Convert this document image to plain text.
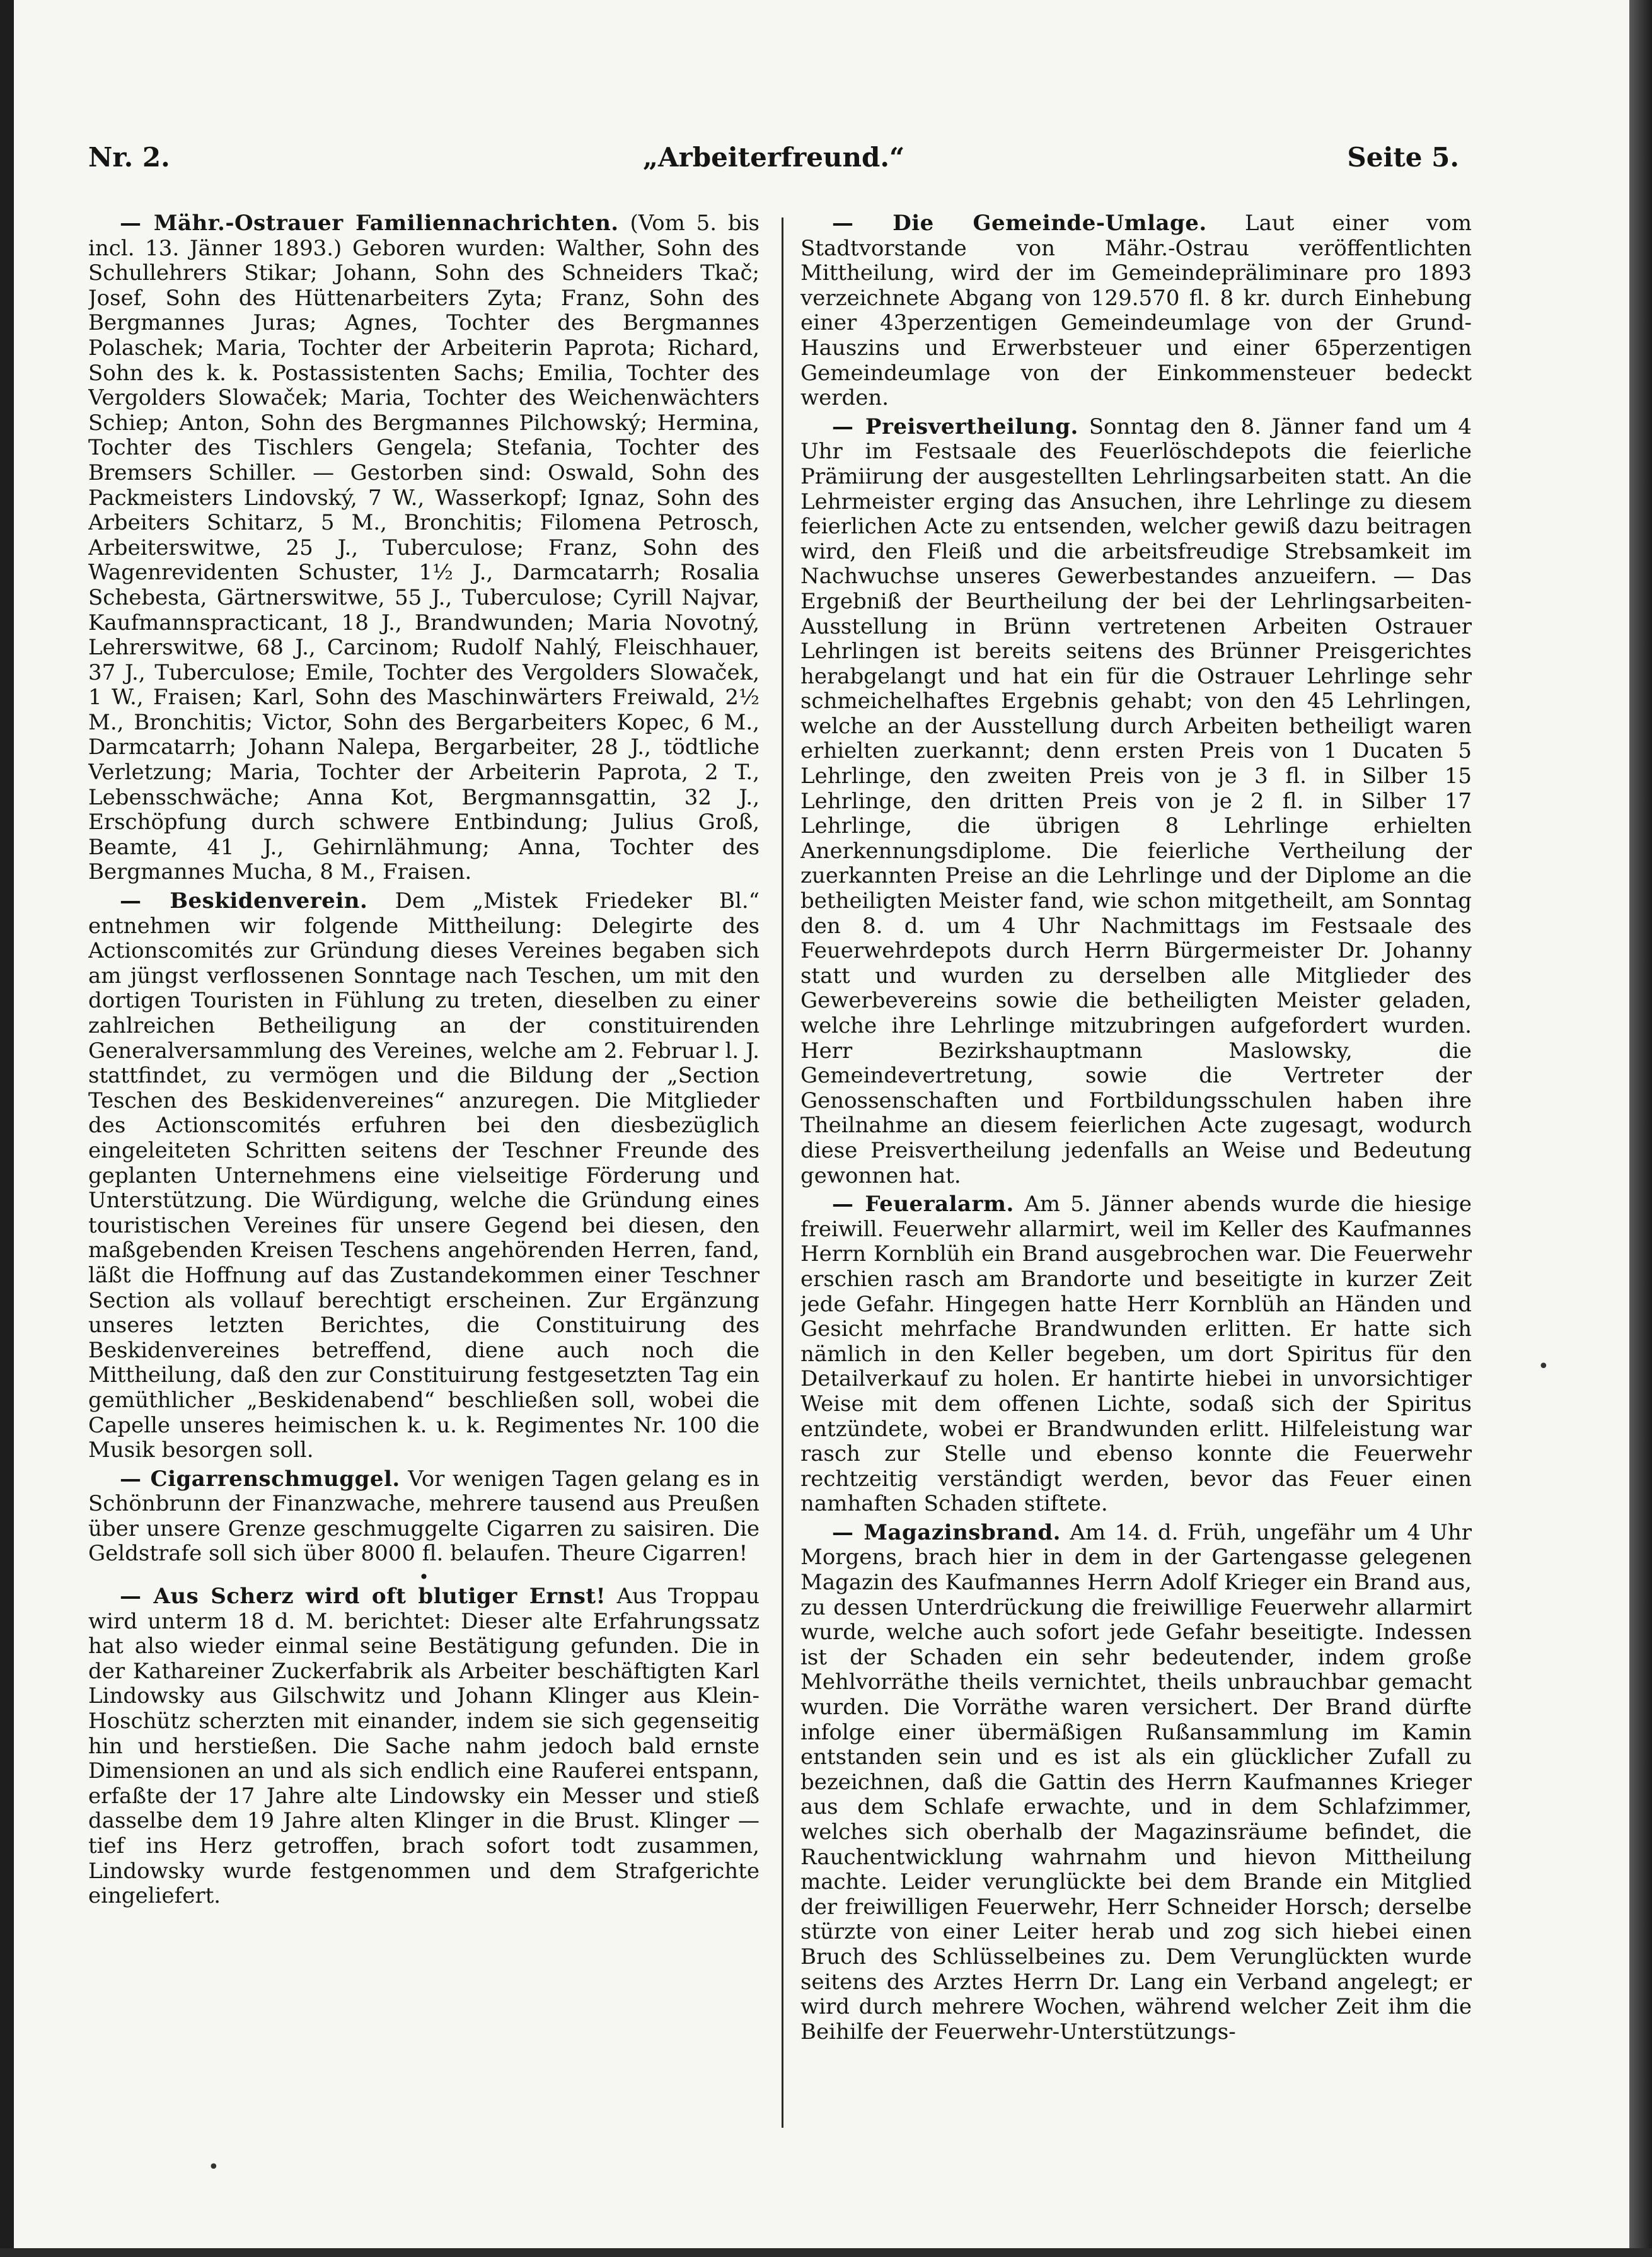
Nr. 2.	„Arbeiterfreund.“	Seite 5.

— Mähr.-Ostrauer Familiennachrichten. (Vom 5. bis incl. 13. Jänner 1893.) Geboren wurden: Walther, Sohn des Schullehrers Stikar; Johann, Sohn des Schneiders Tkač; Josef, Sohn des Hüttenarbeiters Zyta; Franz, Sohn des Bergmannes Juras; Agnes, Tochter des Bergmannes Polaschek; Maria, Tochter der Arbeiterin Paprota; Richard, Sohn des k. k. Postassistenten Sachs; Emilia, Tochter des Vergolders Slowaček; Maria, Tochter des Weichenwächters Schiep; Anton, Sohn des Bergmannes Pilchowský; Hermina, Tochter des Tischlers Gengela; Stefania, Tochter des Bremsers Schiller. — Gestorben sind: Oswald, Sohn des Packmeisters Lindovský, 7 W., Wasserkopf; Ignaz, Sohn des Arbeiters Schitarz, 5 M., Bronchitis; Filomena Petrosch, Arbeiterswitwe, 25 J., Tuberculose; Franz, Sohn des Wagenrevidenten Schuster, 1½ J., Darmcatarrh; Rosalia Schebesta, Gärtnerswitwe, 55 J., Tuberculose; Cyrill Najvar, Kaufmannspracticant, 18 J., Brandwunden; Maria Novotný, Lehrerswitwe, 68 J., Carcinom; Rudolf Nahlý, Fleischhauer, 37 J., Tuberculose; Emile, Tochter des Vergolders Slowaček, 1 W., Fraisen; Karl, Sohn des Maschinwärters Freiwald, 2½ M., Bronchitis; Victor, Sohn des Bergarbeiters Kopec, 6 M., Darmcatarrh; Johann Nalepa, Bergarbeiter, 28 J., tödtliche Verletzung; Maria, Tochter der Arbeiterin Paprota, 2 T., Lebensschwäche; Anna Kot, Bergmannsgattin, 32 J., Erschöpfung durch schwere Entbindung; Julius Groß, Beamte, 41 J., Gehirnlähmung; Anna, Tochter des Bergmannes Mucha, 8 M., Fraisen.

— Beskidenverein. Dem „Mistek Friedeker Bl.“ entnehmen wir folgende Mittheilung: Delegirte des Actionscomités zur Gründung dieses Vereines begaben sich am jüngst verflossenen Sonntage nach Teschen, um mit den dortigen Touristen in Fühlung zu treten, dieselben zu einer zahlreichen Betheiligung an der constituirenden Generalversammlung des Vereines, welche am 2. Februar l. J. stattfindet, zu vermögen und die Bildung der „Section Teschen des Beskidenvereines“ anzuregen. Die Mitglieder des Actionscomités erfuhren bei den diesbezüglich eingeleiteten Schritten seitens der Teschner Freunde des geplanten Unternehmens eine vielseitige Förderung und Unterstützung. Die Würdigung, welche die Gründung eines touristischen Vereines für unsere Gegend bei diesen, den maßgebenden Kreisen Teschens angehörenden Herren, fand, läßt die Hoffnung auf das Zustandekommen einer Teschner Section als vollauf berechtigt erscheinen. Zur Ergänzung unseres letzten Berichtes, die Constituirung des Beskidenvereines betreffend, diene auch noch die Mittheilung, daß den zur Constituirung festgesetzten Tag ein gemüthlicher „Beskidenabend“ beschließen soll, wobei die Capelle unseres heimischen k. u. k. Regimentes Nr. 100 die Musik besorgen soll.

— Cigarrenschmuggel. Vor wenigen Tagen gelang es in Schönbrunn der Finanzwache, mehrere tausend aus Preußen über unsere Grenze geschmuggelte Cigarren zu saisiren. Die Geldstrafe soll sich über 8000 fl. belaufen. Theure Cigarren!

•

— Aus Scherz wird oft blutiger Ernst! Aus Troppau wird unterm 18 d. M. berichtet: Dieser alte Erfahrungssatz hat also wieder einmal seine Bestätigung gefunden. Die in der Kathareiner Zuckerfabrik als Arbeiter beschäftigten Karl Lindowsky aus Gilschwitz und Johann Klinger aus Klein-Hoschütz scherzten mit einander, indem sie sich gegenseitig hin und herstießen. Die Sache nahm jedoch bald ernste Dimensionen an und als sich endlich eine Rauferei entspann, erfaßte der 17 Jahre alte Lindowsky ein Messer und stieß dasselbe dem 19 Jahre alten Klinger in die Brust. Klinger — tief ins Herz getroffen, brach sofort todt zusammen, Lindowsky wurde festgenommen und dem Strafgerichte eingeliefert.

— Die Gemeinde-Umlage. Laut einer vom Stadtvorstande von Mähr.-Ostrau veröffentlichten Mittheilung, wird der im Gemeindepräliminare pro 1893 verzeichnete Abgang von 129.570 fl. 8 kr. durch Einhebung einer 43perzentigen Gemeindeumlage von der Grund-Hauszins und Erwerbsteuer und einer 65perzentigen Gemeindeumlage von der Einkommensteuer bedeckt werden.

— Preisvertheilung. Sonntag den 8. Jänner fand um 4 Uhr im Festsaale des Feuerlöschdepots die feierliche Prämiirung der ausgestellten Lehrlingsarbeiten statt. An die Lehrmeister erging das Ansuchen, ihre Lehrlinge zu diesem feierlichen Acte zu entsenden, welcher gewiß dazu beitragen wird, den Fleiß und die arbeitsfreudige Strebsamkeit im Nachwuchse unseres Gewerbestandes anzueifern. — Das Ergebniß der Beurtheilung der bei der Lehrlingsarbeiten-Ausstellung in Brünn vertretenen Arbeiten Ostrauer Lehrlingen ist bereits seitens des Brünner Preisgerichtes herabgelangt und hat ein für die Ostrauer Lehrlinge sehr schmeichelhaftes Ergebnis gehabt; von den 45 Lehrlingen, welche an der Ausstellung durch Arbeiten betheiligt waren erhielten zuerkannt; denn ersten Preis von 1 Ducaten 5 Lehrlinge, den zweiten Preis von je 3 fl. in Silber 15 Lehrlinge, den dritten Preis von je 2 fl. in Silber 17 Lehrlinge, die übrigen 8 Lehrlinge erhielten Anerkennungsdiplome. Die feierliche Vertheilung der zuerkannten Preise an die Lehrlinge und der Diplome an die betheiligten Meister fand, wie schon mitgetheilt, am Sonntag den 8. d. um 4 Uhr Nachmittags im Festsaale des Feuerwehrdepots durch Herrn Bürgermeister Dr. Johanny statt und wurden zu derselben alle Mitglieder des Gewerbevereins sowie die betheiligten Meister geladen, welche ihre Lehrlinge mitzubringen aufgefordert wurden. Herr Bezirkshauptmann Maslowsky, die Gemeindevertretung, sowie die Vertreter der Genossenschaften und Fortbildungsschulen haben ihre Theilnahme an diesem feierlichen Acte zugesagt, wodurch diese Preisvertheilung jedenfalls an Weise und Bedeutung gewonnen hat.

— Feueralarm. Am 5. Jänner abends wurde die hiesige freiwill. Feuerwehr allarmirt, weil im Keller des Kaufmannes Herrn Kornblüh ein Brand ausgebrochen war. Die Feuerwehr erschien rasch am Brandorte und beseitigte in kurzer Zeit jede Gefahr. Hingegen hatte Herr Kornblüh an Händen und Gesicht mehrfache Brandwunden erlitten. Er hatte sich nämlich in den Keller begeben, um dort Spiritus für den Detailverkauf zu holen. Er hantirte hiebei in unvorsichtiger Weise mit dem offenen Lichte, sodaß sich der Spiritus entzündete, wobei er Brandwunden erlitt. Hilfeleistung war rasch zur Stelle und ebenso konnte die Feuerwehr rechtzeitig verständigt werden, bevor das Feuer einen namhaften Schaden stiftete.

— Magazinsbrand. Am 14. d. Früh, ungefähr um 4 Uhr Morgens, brach hier in dem in der Gartengasse gelegenen Magazin des Kaufmannes Herrn Adolf Krieger ein Brand aus, zu dessen Unterdrückung die freiwillige Feuerwehr allarmirt wurde, welche auch sofort jede Gefahr beseitigte. Indessen ist der Schaden ein sehr bedeutender, indem große Mehlvorräthe theils vernichtet, theils unbrauchbar gemacht wurden. Die Vorräthe waren versichert. Der Brand dürfte infolge einer übermäßigen Rußansammlung im Kamin entstanden sein und es ist als ein glücklicher Zufall zu bezeichnen, daß die Gattin des Herrn Kaufmannes Krieger aus dem Schlafe erwachte, und in dem Schlafzimmer, welches sich oberhalb der Magazinsräume befindet, die Rauchentwicklung wahrnahm und hievon Mittheilung machte. Leider verunglückte bei dem Brande ein Mitglied der freiwilligen Feuerwehr, Herr Schneider Horsch; derselbe stürzte von einer Leiter herab und zog sich hiebei einen Bruch des Schlüsselbeines zu. Dem Verunglückten wurde seitens des Arztes Herrn Dr. Lang ein Verband angelegt; er wird durch mehrere Wochen, während welcher Zeit ihm die Beihilfe der Feuerwehr-Unterstützungs-

•
•
